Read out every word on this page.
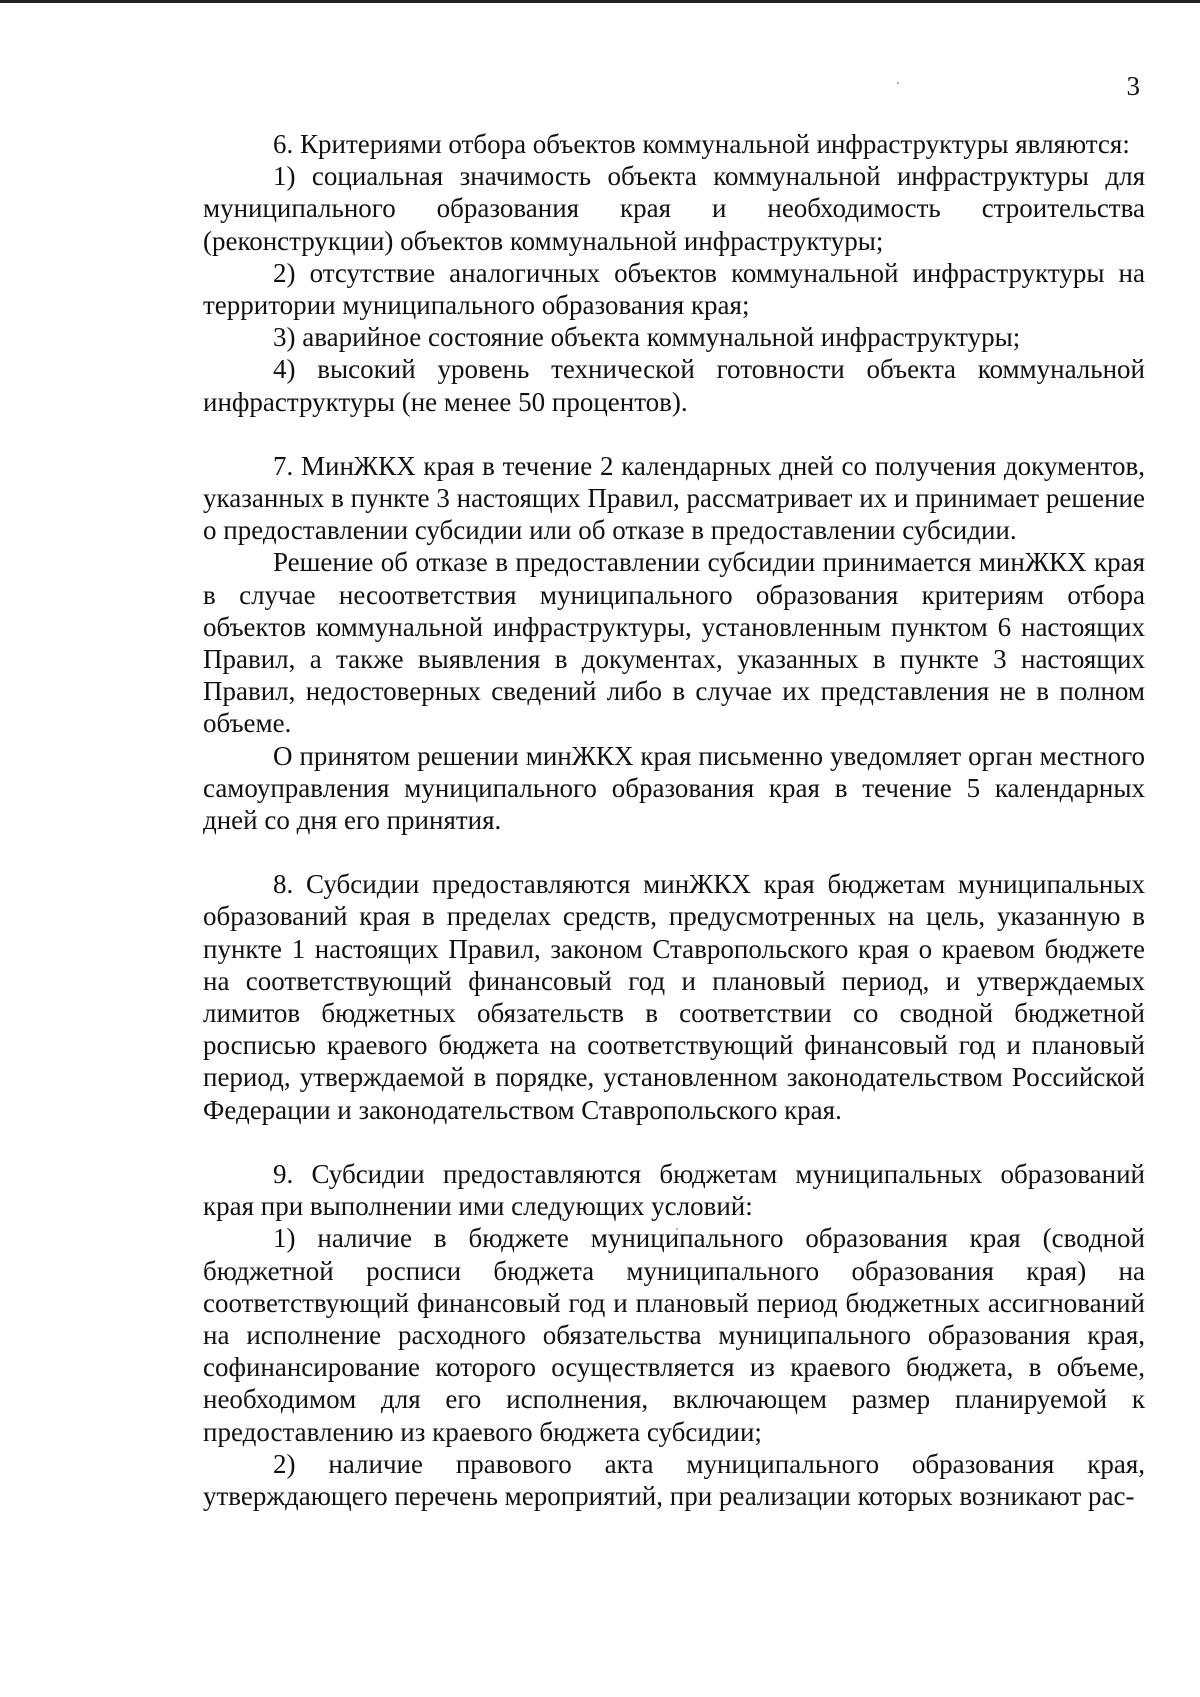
3

6. Критериями отбора объектов коммунальной инфраструктуры являются:

1) социальная значимость объекта коммунальной инфраструктуры для муниципального образования края и необходимость строительства (реконструкции) объектов коммунальной инфраструктуры;

2) отсутствие аналогичных объектов коммунальной инфраструктуры на территории муниципального образования края;

3) аварийное состояние объекта коммунальной инфраструктуры;

4) высокий уровень технической готовности объекта коммунальной инфраструктуры (не менее 50 процентов).

7. МинЖКХ края в течение 2 календарных дней со получения документов, указанных в пункте 3 настоящих Правил, рассматривает их и принимает решение о предоставлении субсидии или об отказе в предоставлении субсидии.

Решение об отказе в предоставлении субсидии принимается минЖКХ края в случае несоответствия муниципального образования критериям отбора объектов коммунальной инфраструктуры, установленным пунктом 6 настоящих Правил, а также выявления в документах, указанных в пункте 3 настоящих Правил, недостоверных сведений либо в случае их представления не в полном объеме.

О принятом решении минЖКХ края письменно уведомляет орган местного самоуправления муниципального образования края в течение 5 календарных дней со дня его принятия.

8. Субсидии предоставляются минЖКХ края бюджетам муниципальных образований края в пределах средств, предусмотренных на цель, указанную в пункте 1 настоящих Правил, законом Ставропольского края о краевом бюджете на соответствующий финансовый год и плановый период, и утверждаемых лимитов бюджетных обязательств в соответствии со сводной бюджетной росписью краевого бюджета на соответствующий финансовый год и плановый период, утверждаемой в порядке, установленном законодательством Российской Федерации и законодательством Ставропольского края.

9. Субсидии предоставляются бюджетам муниципальных образований края при выполнении ими следующих условий:

1) наличие в бюджете муниципального образования края (сводной бюджетной росписи бюджета муниципального образования края) на соответствующий финансовый год и плановый период бюджетных ассигнований на исполнение расходного обязательства муниципального образования края, софинансирование которого осуществляется из краевого бюджета, в объеме, необходимом для его исполнения, включающем размер планируемой к предоставлению из краевого бюджета субсидии;

2) наличие правового акта муниципального образования края, утверждающего перечень мероприятий, при реализации которых возникают рас-
